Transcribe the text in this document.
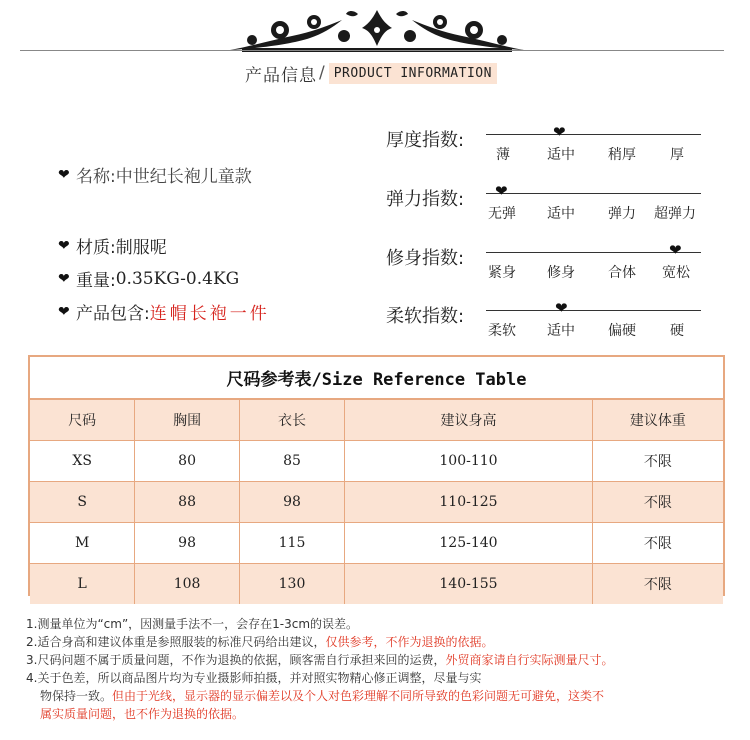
产品信息 / PRODUCT INFORMATION
❤ 名称: 中世纪长袍儿童款
❤ 材质: 制服呢
❤ 重量: 0.35KG-0.4KG
❤ 产品包含: 连帽长袍一件
厚度指数:	❤
薄	适中 稍厚 厚
弹力指数: ❤
无弹 适中 弹力 超弹力
修身指数:	❤
紧身 修身 合体 宽松
柔软指数:	❤
柔软 适中 偏硬 硬
尺码参考表/Size Reference Table
尺码	胸围	衣长	建议身高	建议体重
XS	80	85	100-110	不限
S	88	98	110-125	不限
M	98	115	125-140	不限
L	108	130	140-155	不限
1.测量单位为“cm”，因测量手法不一，会存在1-3cm的误差。
2.适合身高和建议体重是参照服装的标准尺码给出建议，仅供参考，不作为退换的依据。
3.尺码问题不属于质量问题，不作为退换的依据，顾客需自行承担来回的运费，外贸商家请自行实际测量尺寸。
4.关于色差，所以商品图片均为专业摄影师拍摄，并对照实物精心修正调整，尽量与实
物保持一致。但由于光线，显示器的显示偏差以及个人对色彩理解不同所导致的色彩问题无可避免，这类不
属实质量问题，也不作为退换的依据。
